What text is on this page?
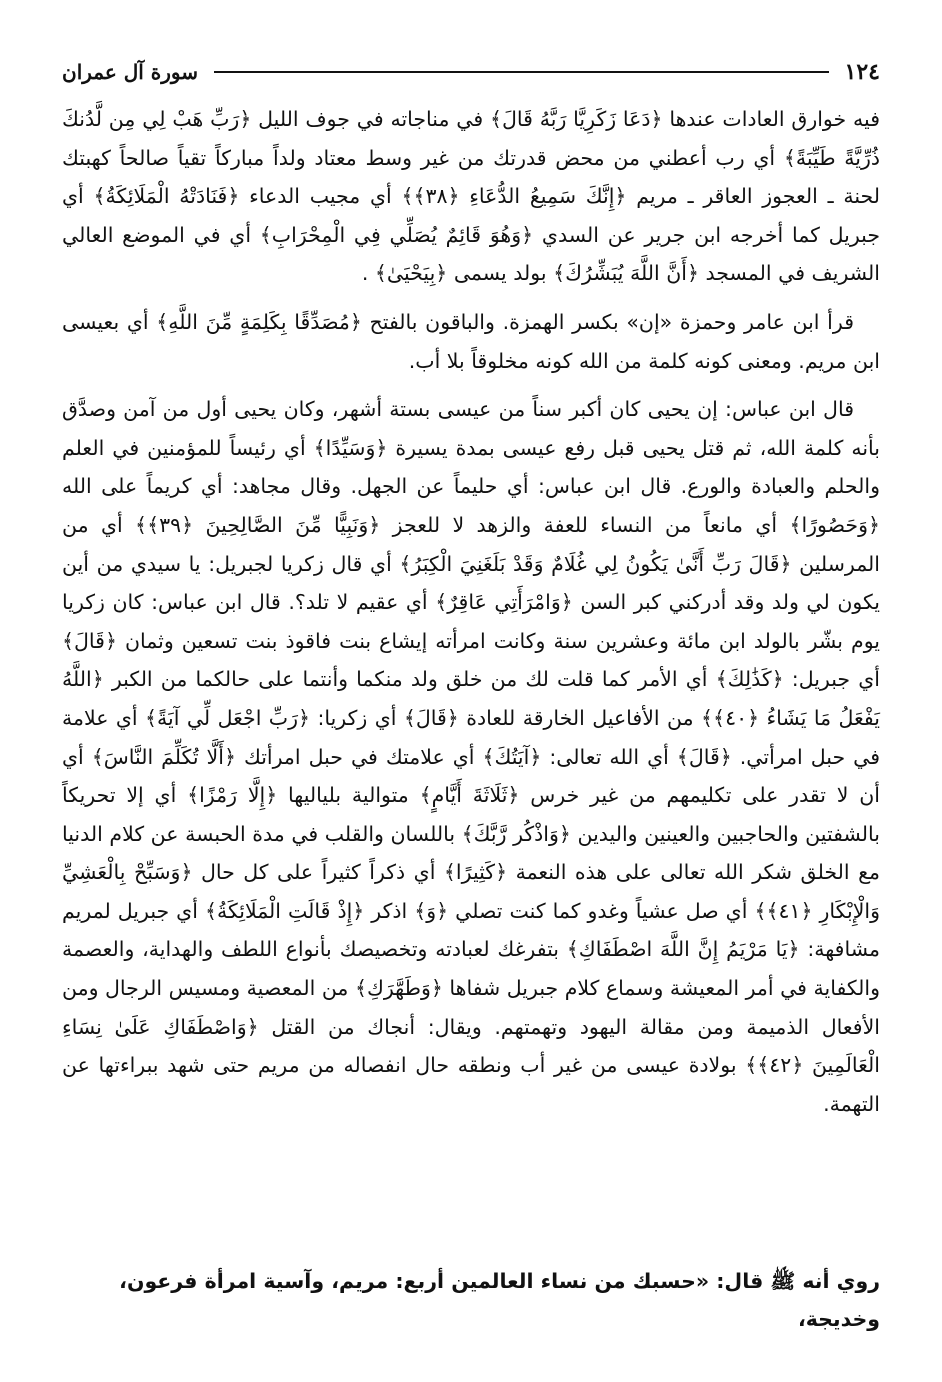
١٢٤
سورة آل عمران

فيه خوارق العادات عندها ﴿دَعَا زَكَرِيَّا رَبَّهُ قَالَ﴾ في مناجاته في جوف الليل ﴿رَبِّ هَبْ لِي مِن لَّدُنكَ ذُرِّيَّةً طَيِّبَةً﴾ أي رب أعطني من محض قدرتك من غير وسط معتاد ولداً مباركاً تقياً صالحاً كهبتك لحنة ـ العجوز العاقر ـ مريم ﴿إِنَّكَ سَمِيعُ الدُّعَاءِ ﴿٣٨﴾﴾ أي مجيب الدعاء ﴿فَنَادَتْهُ الْمَلَائِكَةُ﴾ أي جبريل كما أخرجه ابن جرير عن السدي ﴿وَهُوَ قَائِمٌ يُصَلِّي فِي الْمِحْرَابِ﴾ أي في الموضع العالي الشريف في المسجد ﴿أَنَّ اللَّهَ يُبَشِّرُكَ﴾ بولد يسمى ﴿بِيَحْيَىٰ﴾ .

قرأ ابن عامر وحمزة «إن» بكسر الهمزة. والباقون بالفتح ﴿مُصَدِّقًا بِكَلِمَةٍ مِّنَ اللَّهِ﴾ أي بعيسى ابن مريم. ومعنى كونه كلمة من الله كونه مخلوقاً بلا أب.

قال ابن عباس: إن يحيى كان أكبر سناً من عيسى بستة أشهر، وكان يحيى أول من آمن وصدَّق بأنه كلمة الله، ثم قتل يحيى قبل رفع عيسى بمدة يسيرة ﴿وَسَيِّدًا﴾ أي رئيساً للمؤمنين في العلم والحلم والعبادة والورع. قال ابن عباس: أي حليماً عن الجهل. وقال مجاهد: أي كريماً على الله ﴿وَحَصُورًا﴾ أي مانعاً من النساء للعفة والزهد لا للعجز ﴿وَنَبِيًّا مِّنَ الصَّالِحِينَ ﴿٣٩﴾﴾ أي من المرسلين ﴿قَالَ رَبِّ أَنَّىٰ يَكُونُ لِي غُلَامٌ وَقَدْ بَلَغَنِيَ الْكِبَرُ﴾ أي قال زكريا لجبريل: يا سيدي من أين يكون لي ولد وقد أدركني كبر السن ﴿وَامْرَأَتِي عَاقِرٌ﴾ أي عقيم لا تلد؟. قال ابن عباس: كان زكريا يوم بشّر بالولد ابن مائة وعشرين سنة وكانت امرأته إيشاع بنت فاقوذ بنت تسعين وثمان ﴿قَالَ﴾ أي جبريل: ﴿كَذَٰلِكَ﴾ أي الأمر كما قلت لك من خلق ولد منكما وأنتما على حالكما من الكبر ﴿اللَّهُ يَفْعَلُ مَا يَشَاءُ ﴿٤٠﴾﴾ من الأفاعيل الخارقة للعادة ﴿قَالَ﴾ أي زكريا: ﴿رَبِّ اجْعَل لِّي آيَةً﴾ أي علامة في حبل امرأتي. ﴿قَالَ﴾ أي الله تعالى: ﴿آيَتُكَ﴾ أي علامتك في حبل امرأتك ﴿أَلَّا تُكَلِّمَ النَّاسَ﴾ أي أن لا تقدر على تكليمهم من غير خرس ﴿ثَلَاثَةَ أَيَّامٍ﴾ متوالية بلياليها ﴿إِلَّا رَمْزًا﴾ أي إلا تحريكاً بالشفتين والحاجبين والعينين واليدين ﴿وَاذْكُر رَّبَّكَ﴾ باللسان والقلب في مدة الحبسة عن كلام الدنيا مع الخلق شكر الله تعالى على هذه النعمة ﴿كَثِيرًا﴾ أي ذكراً كثيراً على كل حال ﴿وَسَبِّحْ بِالْعَشِيِّ وَالْإِبْكَارِ ﴿٤١﴾﴾ أي صل عشياً وغدو كما كنت تصلي ﴿وَ﴾ اذكر ﴿إِذْ قَالَتِ الْمَلَائِكَةُ﴾ أي جبريل لمريم مشافهة: ﴿يَا مَرْيَمُ إِنَّ اللَّهَ اصْطَفَاكِ﴾ بتفرغك لعبادته وتخصيصك بأنواع اللطف والهداية، والعصمة والكفاية في أمر المعيشة وسماع كلام جبريل شفاها ﴿وَطَهَّرَكِ﴾ من المعصية ومسيس الرجال ومن الأفعال الذميمة ومن مقالة اليهود وتهمتهم. ويقال: أنجاك من القتل ﴿وَاصْطَفَاكِ عَلَىٰ نِسَاءِ الْعَالَمِينَ ﴿٤٢﴾﴾ بولادة عيسى من غير أب ونطقه حال انفصاله من مريم حتى شهد ببراءتها عن التهمة.

روي أنه ﷺ قال: «حسبك من نساء العالمين أربع: مريم، وآسية امرأة فرعون، وخديجة،
